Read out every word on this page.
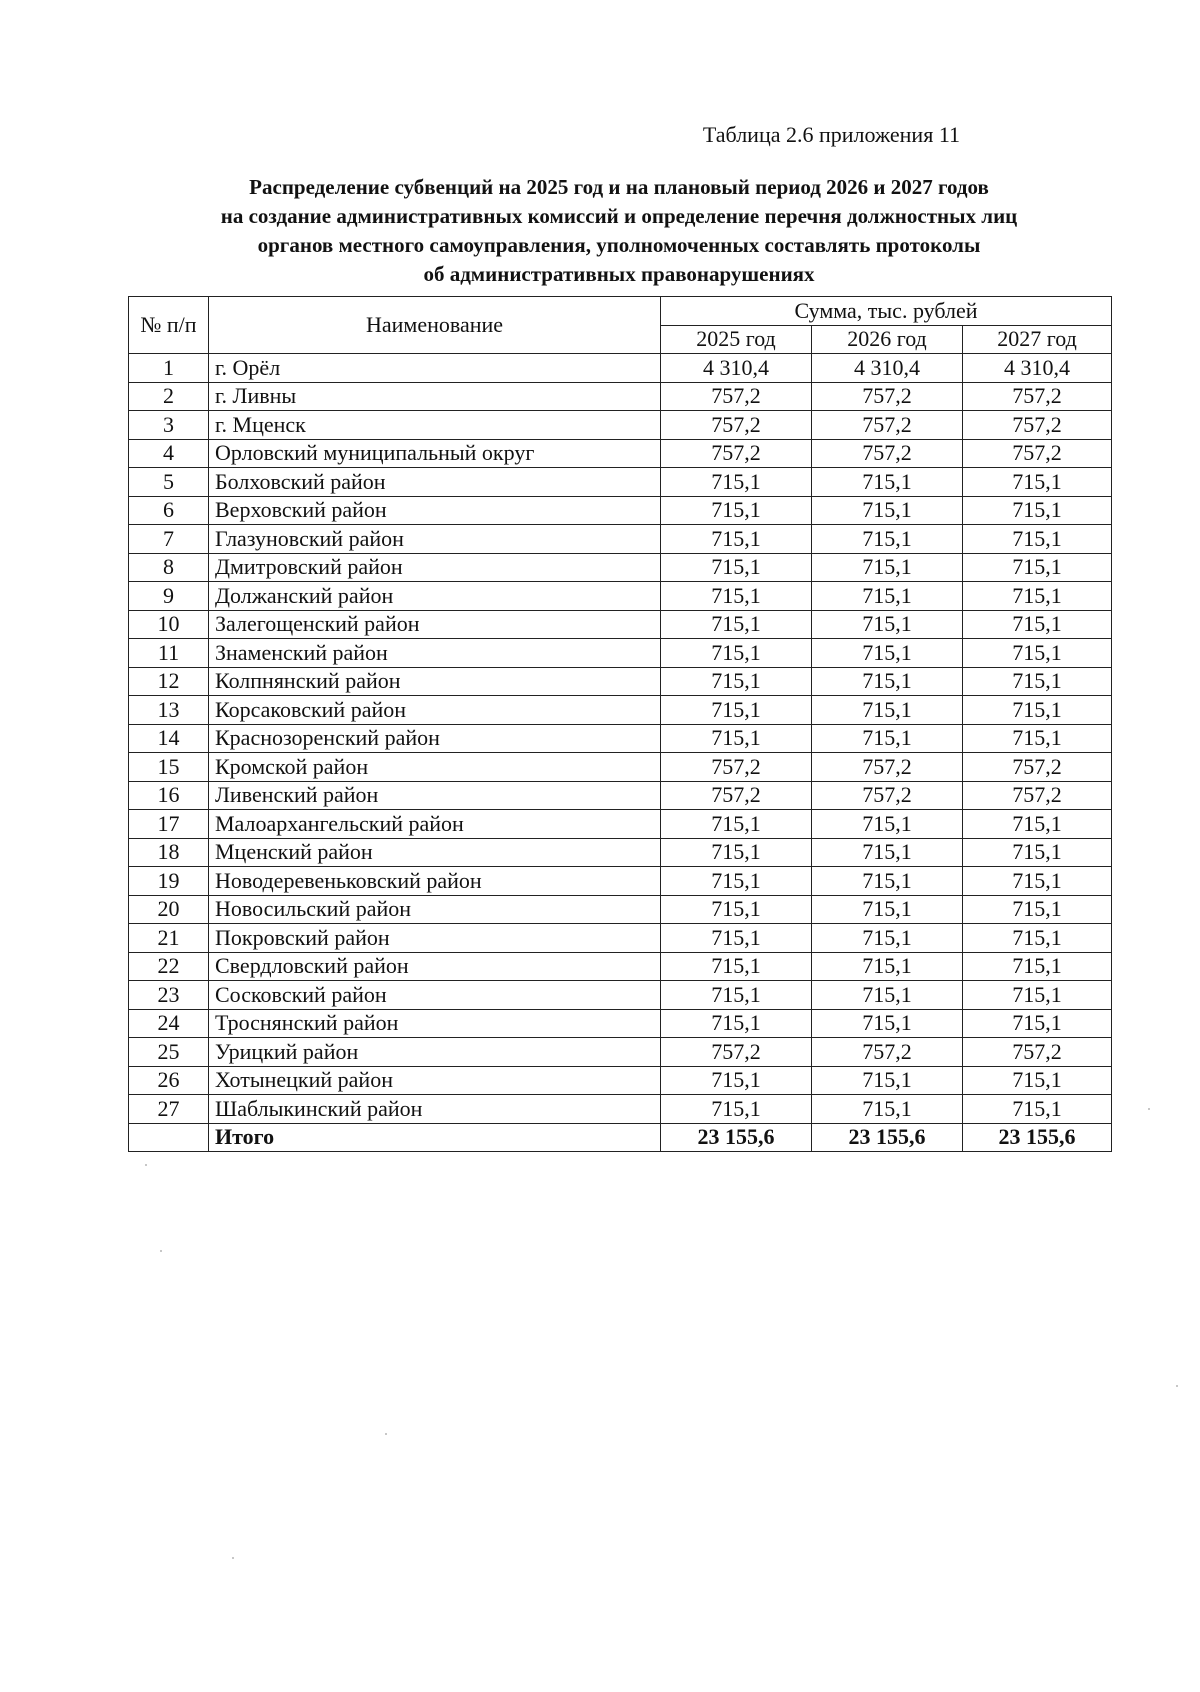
Таблица 2.6 приложения 11
Распределение субвенций на 2025 год и на плановый период 2026 и 2027 годов
на создание административных комиссий и определение перечня должностных лиц
органов местного самоуправления, уполномоченных составлять протоколы
об административных правонарушениях
№ п/п	Наименование	Сумма, тыс. рублей		
		2025 год	2026 год	2027 год
1	г. Орёл	4 310,4	4 310,4	4 310,4
2	г. Ливны	757,2	757,2	757,2
3	г. Мценск	757,2	757,2	757,2
4	Орловский муниципальный округ	757,2	757,2	757,2
5	Болховский район	715,1	715,1	715,1
6	Верховский район	715,1	715,1	715,1
7	Глазуновский район	715,1	715,1	715,1
8	Дмитровский район	715,1	715,1	715,1
9	Должанский район	715,1	715,1	715,1
10	Залегощенский район	715,1	715,1	715,1
11	Знаменский район	715,1	715,1	715,1
12	Колпнянский район	715,1	715,1	715,1
13	Корсаковский район	715,1	715,1	715,1
14	Краснозоренский район	715,1	715,1	715,1
15	Кромской район	757,2	757,2	757,2
16	Ливенский район	757,2	757,2	757,2
17	Малоархангельский район	715,1	715,1	715,1
18	Мценский район	715,1	715,1	715,1
19	Новодеревеньковский район	715,1	715,1	715,1
20	Новосильский район	715,1	715,1	715,1
21	Покровский район	715,1	715,1	715,1
22	Свердловский район	715,1	715,1	715,1
23	Сосковский район	715,1	715,1	715,1
24	Троснянский район	715,1	715,1	715,1
25	Урицкий район	757,2	757,2	757,2
26	Хотынецкий район	715,1	715,1	715,1
27	Шаблыкинский район	715,1	715,1	715,1
	Итого	23 155,6	23 155,6	23 155,6
